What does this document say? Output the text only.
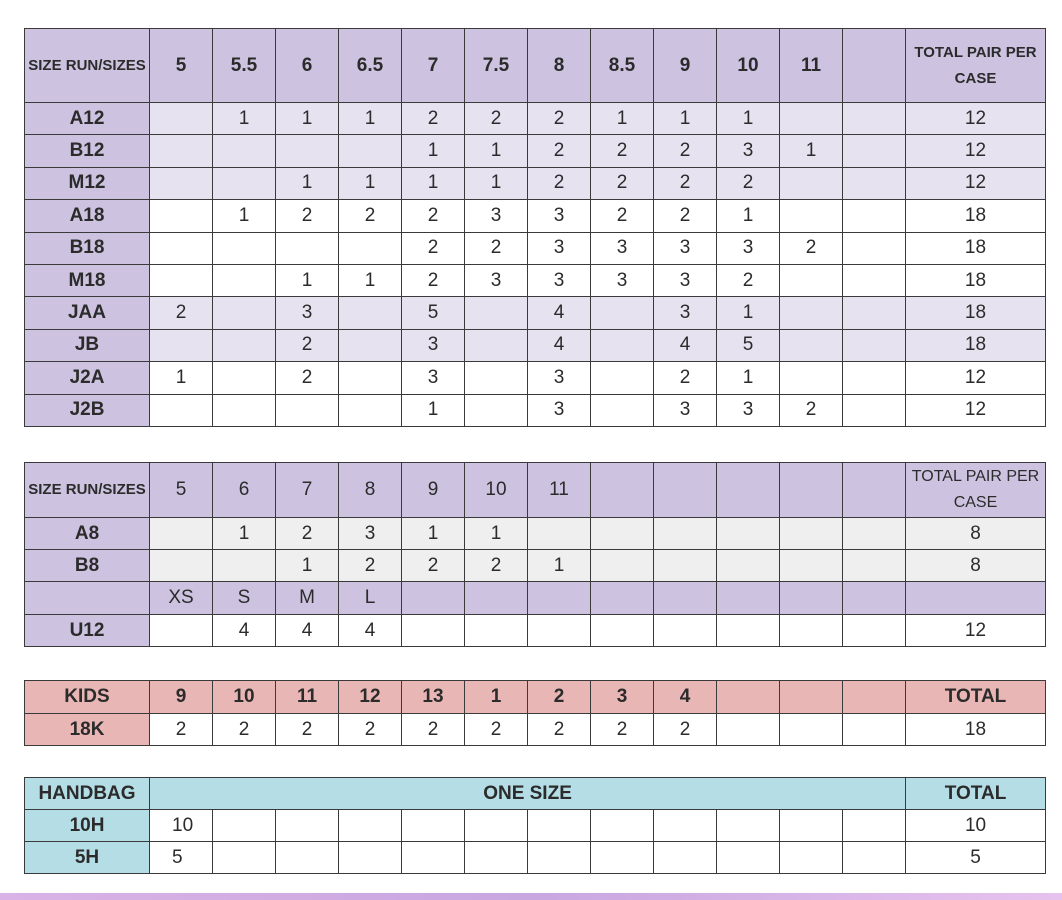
SIZE RUN/SIZES	5	5.5	6	6.5	7	7.5	8	8.5	9	10	11		TOTAL PAIR PER CASE
A12		1	1	1	2	2	2	1	1	1			12
B12					1	1	2	2	2	3	1		12
M12			1	1	1	1	2	2	2	2			12
A18		1	2	2	2	3	3	2	2	1			18
B18					2	2	3	3	3	3	2		18
M18			1	1	2	3	3	3	3	2			18
JAA	2		3		5		4		3	1			18
JB			2		3		4		4	5			18
J2A	1		2		3		3		2	1			12
J2B					1		3		3	3	2		12
SIZE RUN/SIZES	5	6	7	8	9	10	11						TOTAL PAIR PER CASE
A8		1	2	3	1	1							8
B8			1	2	2	2	1						8
	XS	S	M	L									
U12		4	4	4									12
KIDS	9	10	11	12	13	1	2	3	4				TOTAL
18K	2	2	2	2	2	2	2	2	2				18
HANDBAG	ONE SIZE												TOTAL
10H	10												10
5H	5												5
